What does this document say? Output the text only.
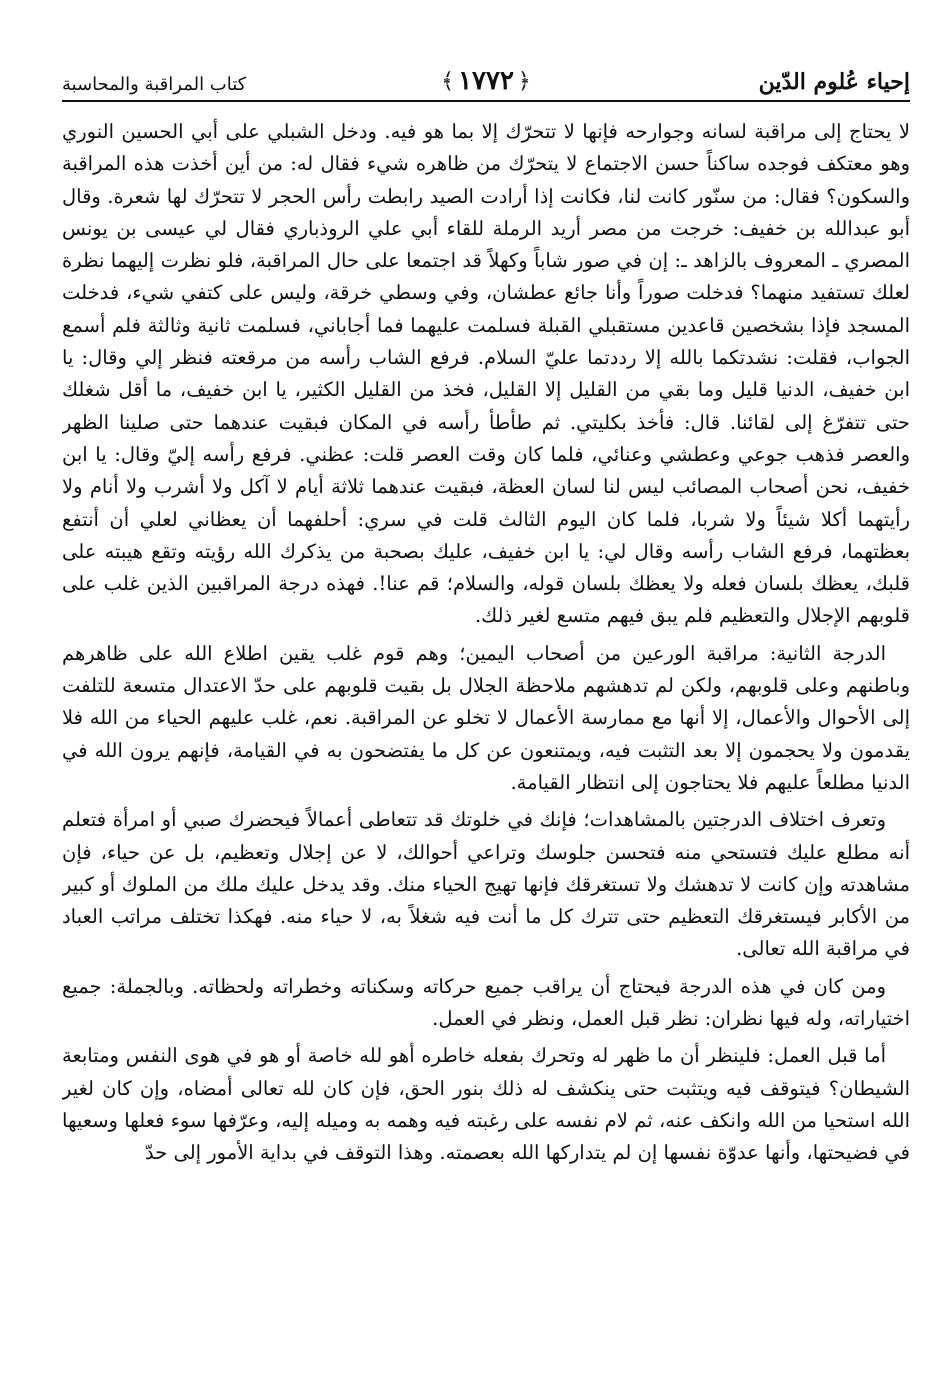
إحياء عُلوم الدّين
﴿
١٧٧٢
﴾
كتاب المراقبة والمحاسبة

لا يحتاج إلى مراقبة لسانه وجوارحه فإنها لا تتحرّك إلا بما هو فيه. ودخل الشبلي على أبي الحسين النوري وهو معتكف فوجده ساكناً حسن الاجتماع لا يتحرّك من ظاهره شيء فقال له: من أين أخذت هذه المراقبة والسكون؟ فقال: من سنّور كانت لنا، فكانت إذا أرادت الصيد رابطت رأس الحجر لا تتحرّك لها شعرة. وقال أبو عبدالله بن خفيف: خرجت من مصر أريد الرملة للقاء أبي علي الروذباري فقال لي عيسى بن يونس المصري ـ المعروف بالزاهد ـ: إن في صور شاباً وكهلاً قد اجتمعا على حال المراقبة، فلو نظرت إليهما نظرة لعلك تستفيد منهما؟ فدخلت صوراً وأنا جائع عطشان، وفي وسطي خرقة، وليس على كتفي شيء، فدخلت المسجد فإذا بشخصين قاعدين مستقبلي القبلة فسلمت عليهما فما أجاباني، فسلمت ثانية وثالثة فلم أسمع الجواب، فقلت: نشدتكما بالله إلا رددتما عليّ السلام. فرفع الشاب رأسه من مرقعته فنظر إلي وقال: يا ابن خفيف، الدنيا قليل وما بقي من القليل إلا القليل، فخذ من القليل الكثير، يا ابن خفيف، ما أقل شغلك حتى تتفرّغ إلى لقائنا. قال: فأخذ بكليتي. ثم طأطأ رأسه في المكان فبقيت عندهما حتى صلينا الظهر والعصر فذهب جوعي وعطشي وعنائي، فلما كان وقت العصر قلت: عظني. فرفع رأسه إليّ وقال: يا ابن خفيف، نحن أصحاب المصائب ليس لنا لسان العظة، فبقيت عندهما ثلاثة أيام لا آكل ولا أشرب ولا أنام ولا رأيتهما أكلا شيئاً ولا شربا، فلما كان اليوم الثالث قلت في سري: أحلفهما أن يعظاني لعلي أن أنتفع بعظتهما، فرفع الشاب رأسه وقال لي: يا ابن خفيف، عليك بصحبة من يذكرك الله رؤيته وتقع هيبته على قلبك، يعظك بلسان فعله ولا يعظك بلسان قوله، والسلام؛ قم عنا!. فهذه درجة المراقبين الذين غلب على قلوبهم الإجلال والتعظيم فلم يبق فيهم متسع لغير ذلك.

الدرجة الثانية: مراقبة الورعين من أصحاب اليمين؛ وهم قوم غلب يقين اطلاع الله على ظاهرهم وباطنهم وعلى قلوبهم، ولكن لم تدهشهم ملاحظة الجلال بل بقيت قلوبهم على حدّ الاعتدال متسعة للتلفت إلى الأحوال والأعمال، إلا أنها مع ممارسة الأعمال لا تخلو عن المراقبة. نعم، غلب عليهم الحياء من الله فلا يقدمون ولا يحجمون إلا بعد التثبت فيه، ويمتنعون عن كل ما يفتضحون به في القيامة، فإنهم يرون الله في الدنيا مطلعاً عليهم فلا يحتاجون إلى انتظار القيامة.

وتعرف اختلاف الدرجتين بالمشاهدات؛ فإنك في خلوتك قد تتعاطى أعمالاً فيحضرك صبي أو امرأة فتعلم أنه مطلع عليك فتستحي منه فتحسن جلوسك وتراعي أحوالك، لا عن إجلال وتعظيم، بل عن حياء، فإن مشاهدته وإن كانت لا تدهشك ولا تستغرقك فإنها تهيج الحياء منك. وقد يدخل عليك ملك من الملوك أو كبير من الأكابر فيستغرقك التعظيم حتى تترك كل ما أنت فيه شغلاً به، لا حياء منه. فهكذا تختلف مراتب العباد في مراقبة الله تعالى.

ومن كان في هذه الدرجة فيحتاج أن يراقب جميع حركاته وسكناته وخطراته ولحظاته. وبالجملة: جميع اختياراته، وله فيها نظران: نظر قبل العمل، ونظر في العمل.

أما قبل العمل: فلينظر أن ما ظهر له وتحرك بفعله خاطره أهو لله خاصة أو هو في هوى النفس ومتابعة الشيطان؟ فيتوقف فيه ويتثبت حتى ينكشف له ذلك بنور الحق، فإن كان لله تعالى أمضاه، وإن كان لغير الله استحيا من الله وانكف عنه، ثم لام نفسه على رغبته فيه وهمه به وميله إليه، وعرّفها سوء فعلها وسعيها في فضيحتها، وأنها عدوّة نفسها إن لم يتداركها الله بعصمته. وهذا التوقف في بداية الأمور إلى حدّ
